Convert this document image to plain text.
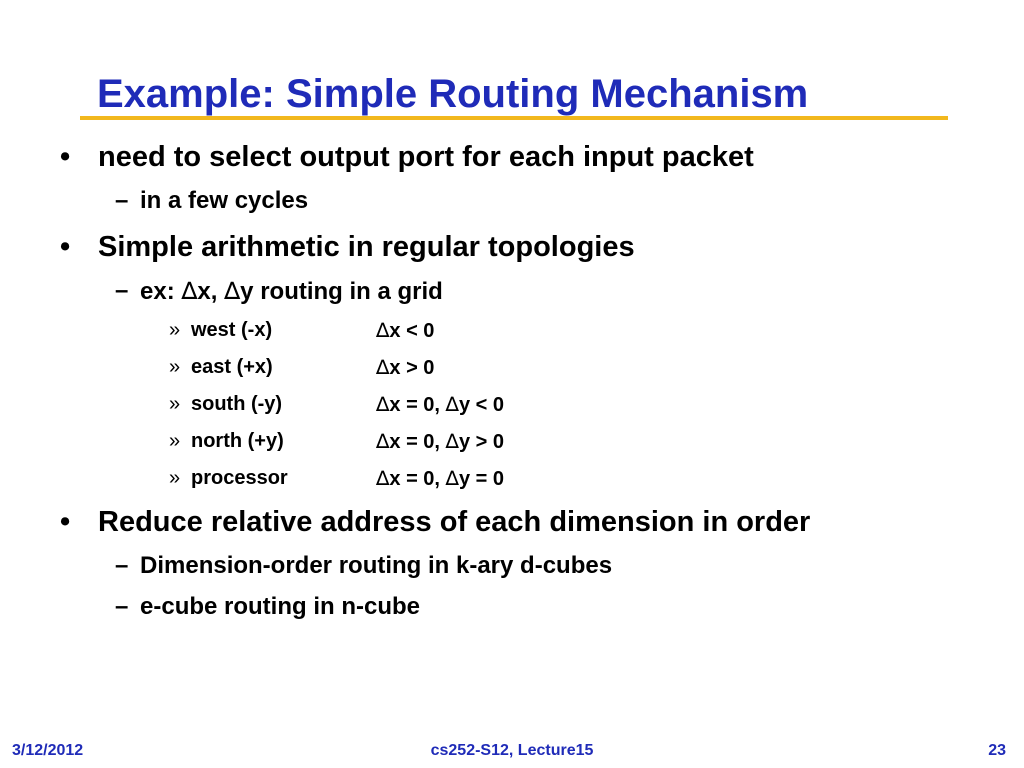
Example: Simple Routing Mechanism
• need to select output port for each input packet
– in a few cycles
• Simple arithmetic in regular topologies
– ex: ∆x, ∆y routing in a grid
» west (-x)	∆x < 0
» east (+x)	∆x > 0
» south (-y)	∆x = 0, ∆y < 0
» north (+y)	∆x = 0, ∆y > 0
» processor	∆x = 0, ∆y = 0
• Reduce relative address of each dimension in order
– Dimension-order routing in k-ary d-cubes
– e-cube routing in n-cube
3/12/2012	cs252-S12, Lecture15	23
